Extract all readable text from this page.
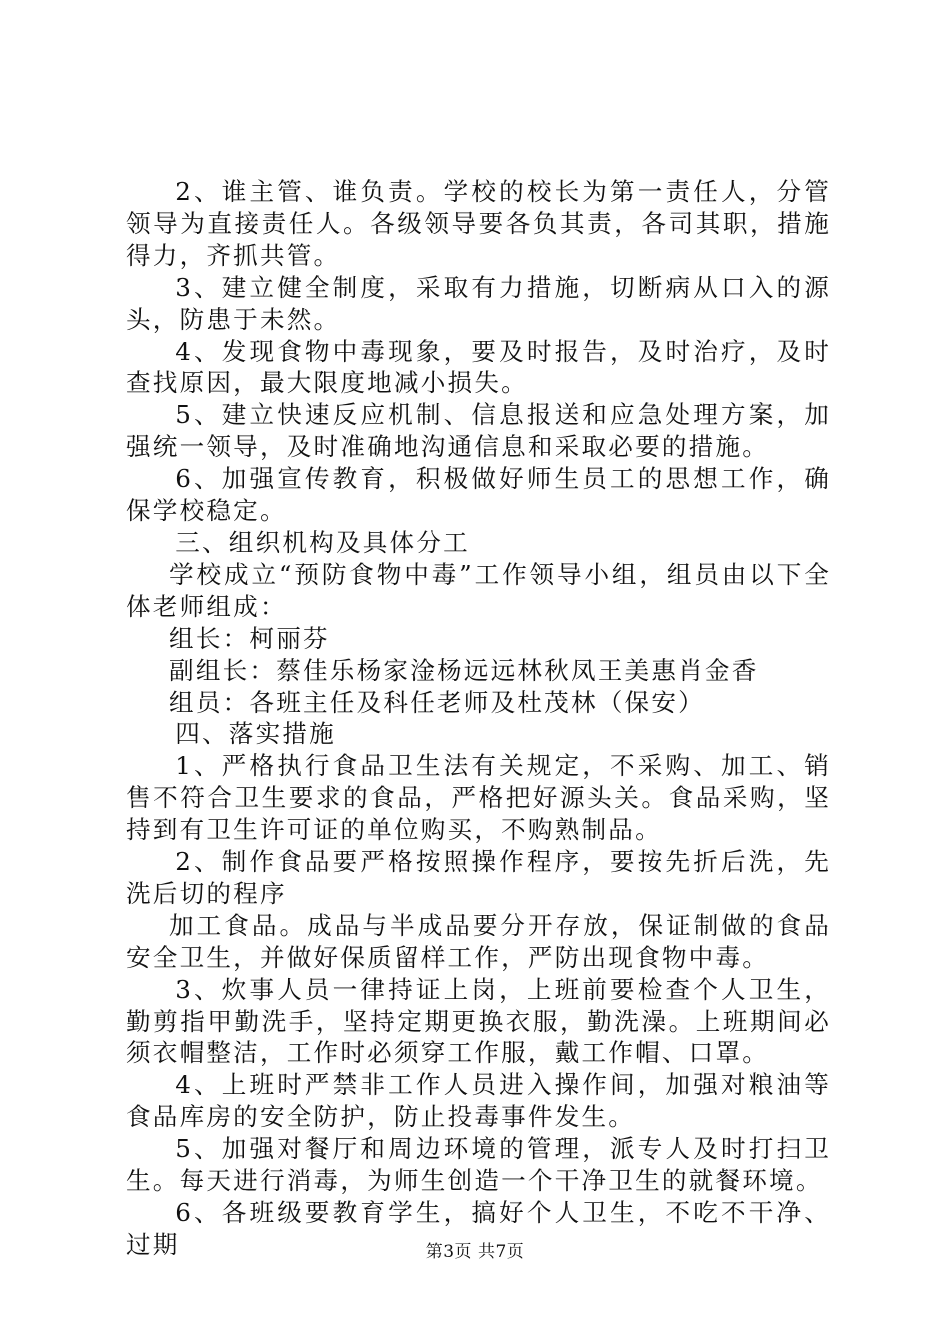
2、谁主管、谁负责。学校的校长为第一责任人，分管领导为直接责任人。各级领导要各负其责，各司其职，措施得力，齐抓共管。

3、建立健全制度，采取有力措施，切断病从口入的源头，防患于未然。

4、发现食物中毒现象，要及时报告，及时治疗，及时查找原因，最大限度地减小损失。

5、建立快速反应机制、信息报送和应急处理方案，加强统一领导，及时准确地沟通信息和采取必要的措施。

6、加强宣传教育，积极做好师生员工的思想工作，确保学校稳定。

三、组织机构及具体分工

学校成立“预防食物中毒”工作领导小组，组员由以下全体老师组成：

组长：柯丽芬

副组长：蔡佳乐杨家淦杨远远林秋凤王美惠肖金香

组员：各班主任及科任老师及杜茂林（保安）

四、落实措施

1、严格执行食品卫生法有关规定，不采购、加工、销售不符合卫生要求的食品，严格把好源头关。食品采购，坚持到有卫生许可证的单位购买，不购熟制品。

2、制作食品要严格按照操作程序，要按先折后洗，先洗后切的程序

加工食品。成品与半成品要分开存放，保证制做的食品安全卫生，并做好保质留样工作，严防出现食物中毒。

3、炊事人员一律持证上岗，上班前要检查个人卫生，勤剪指甲勤洗手，坚持定期更换衣服，勤洗澡。上班期间必须衣帽整洁，工作时必须穿工作服，戴工作帽、口罩。

4、上班时严禁非工作人员进入操作间，加强对粮油等食品库房的安全防护，防止投毒事件发生。

5、加强对餐厅和周边环境的管理，派专人及时打扫卫生。每天进行消毒，为师生创造一个干净卫生的就餐环境。

6、各班级要教育学生，搞好个人卫生，不吃不干净、过期	第3页 共7页
